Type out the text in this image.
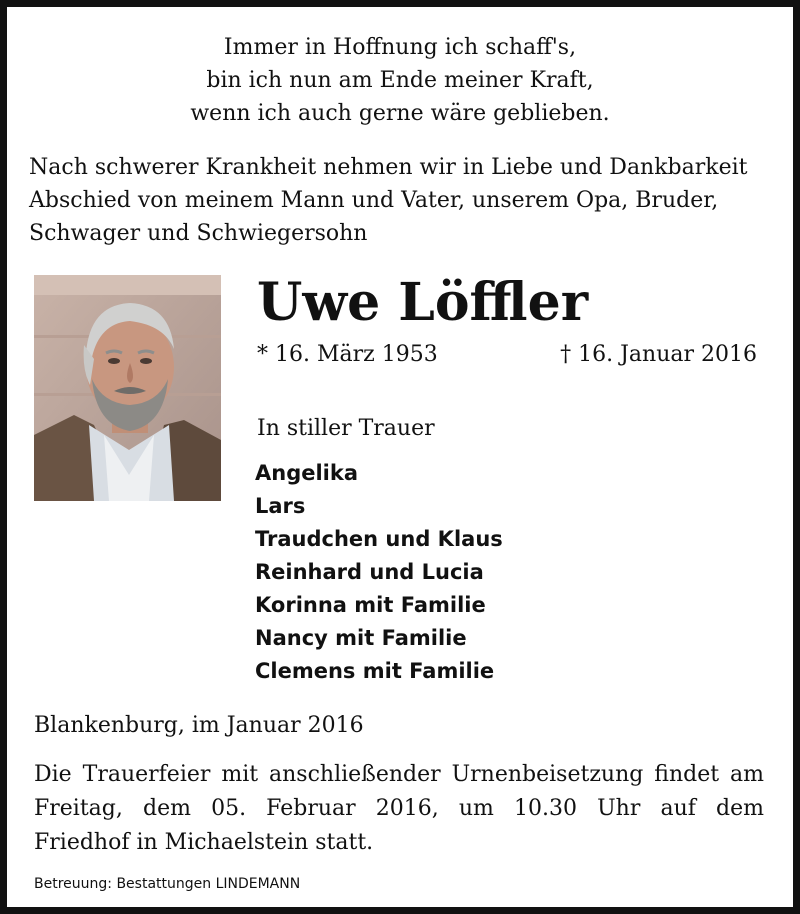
Immer in Hoffnung ich schaff's,
bin ich nun am Ende meiner Kraft,
wenn ich auch gerne wäre geblieben.
Nach schwerer Krankheit nehmen wir in Liebe und Dankbarkeit
Abschied von meinem Mann und Vater, unserem Opa, Bruder,
Schwager und Schwiegersohn
Uwe Löffler
* 16. März 1953	† 16. Januar 2016
In stiller Trauer
Angelika
Lars
Traudchen und Klaus
Reinhard und Lucia
Korinna mit Familie
Nancy mit Familie
Clemens mit Familie
Blankenburg, im Januar 2016
Die Trauerfeier mit anschließender Urnenbeisetzung findet am
Freitag, dem 05. Februar 2016, um 10.30 Uhr auf dem
Friedhof in Michaelstein statt.
Betreuung: Bestattungen LINDEMANN
